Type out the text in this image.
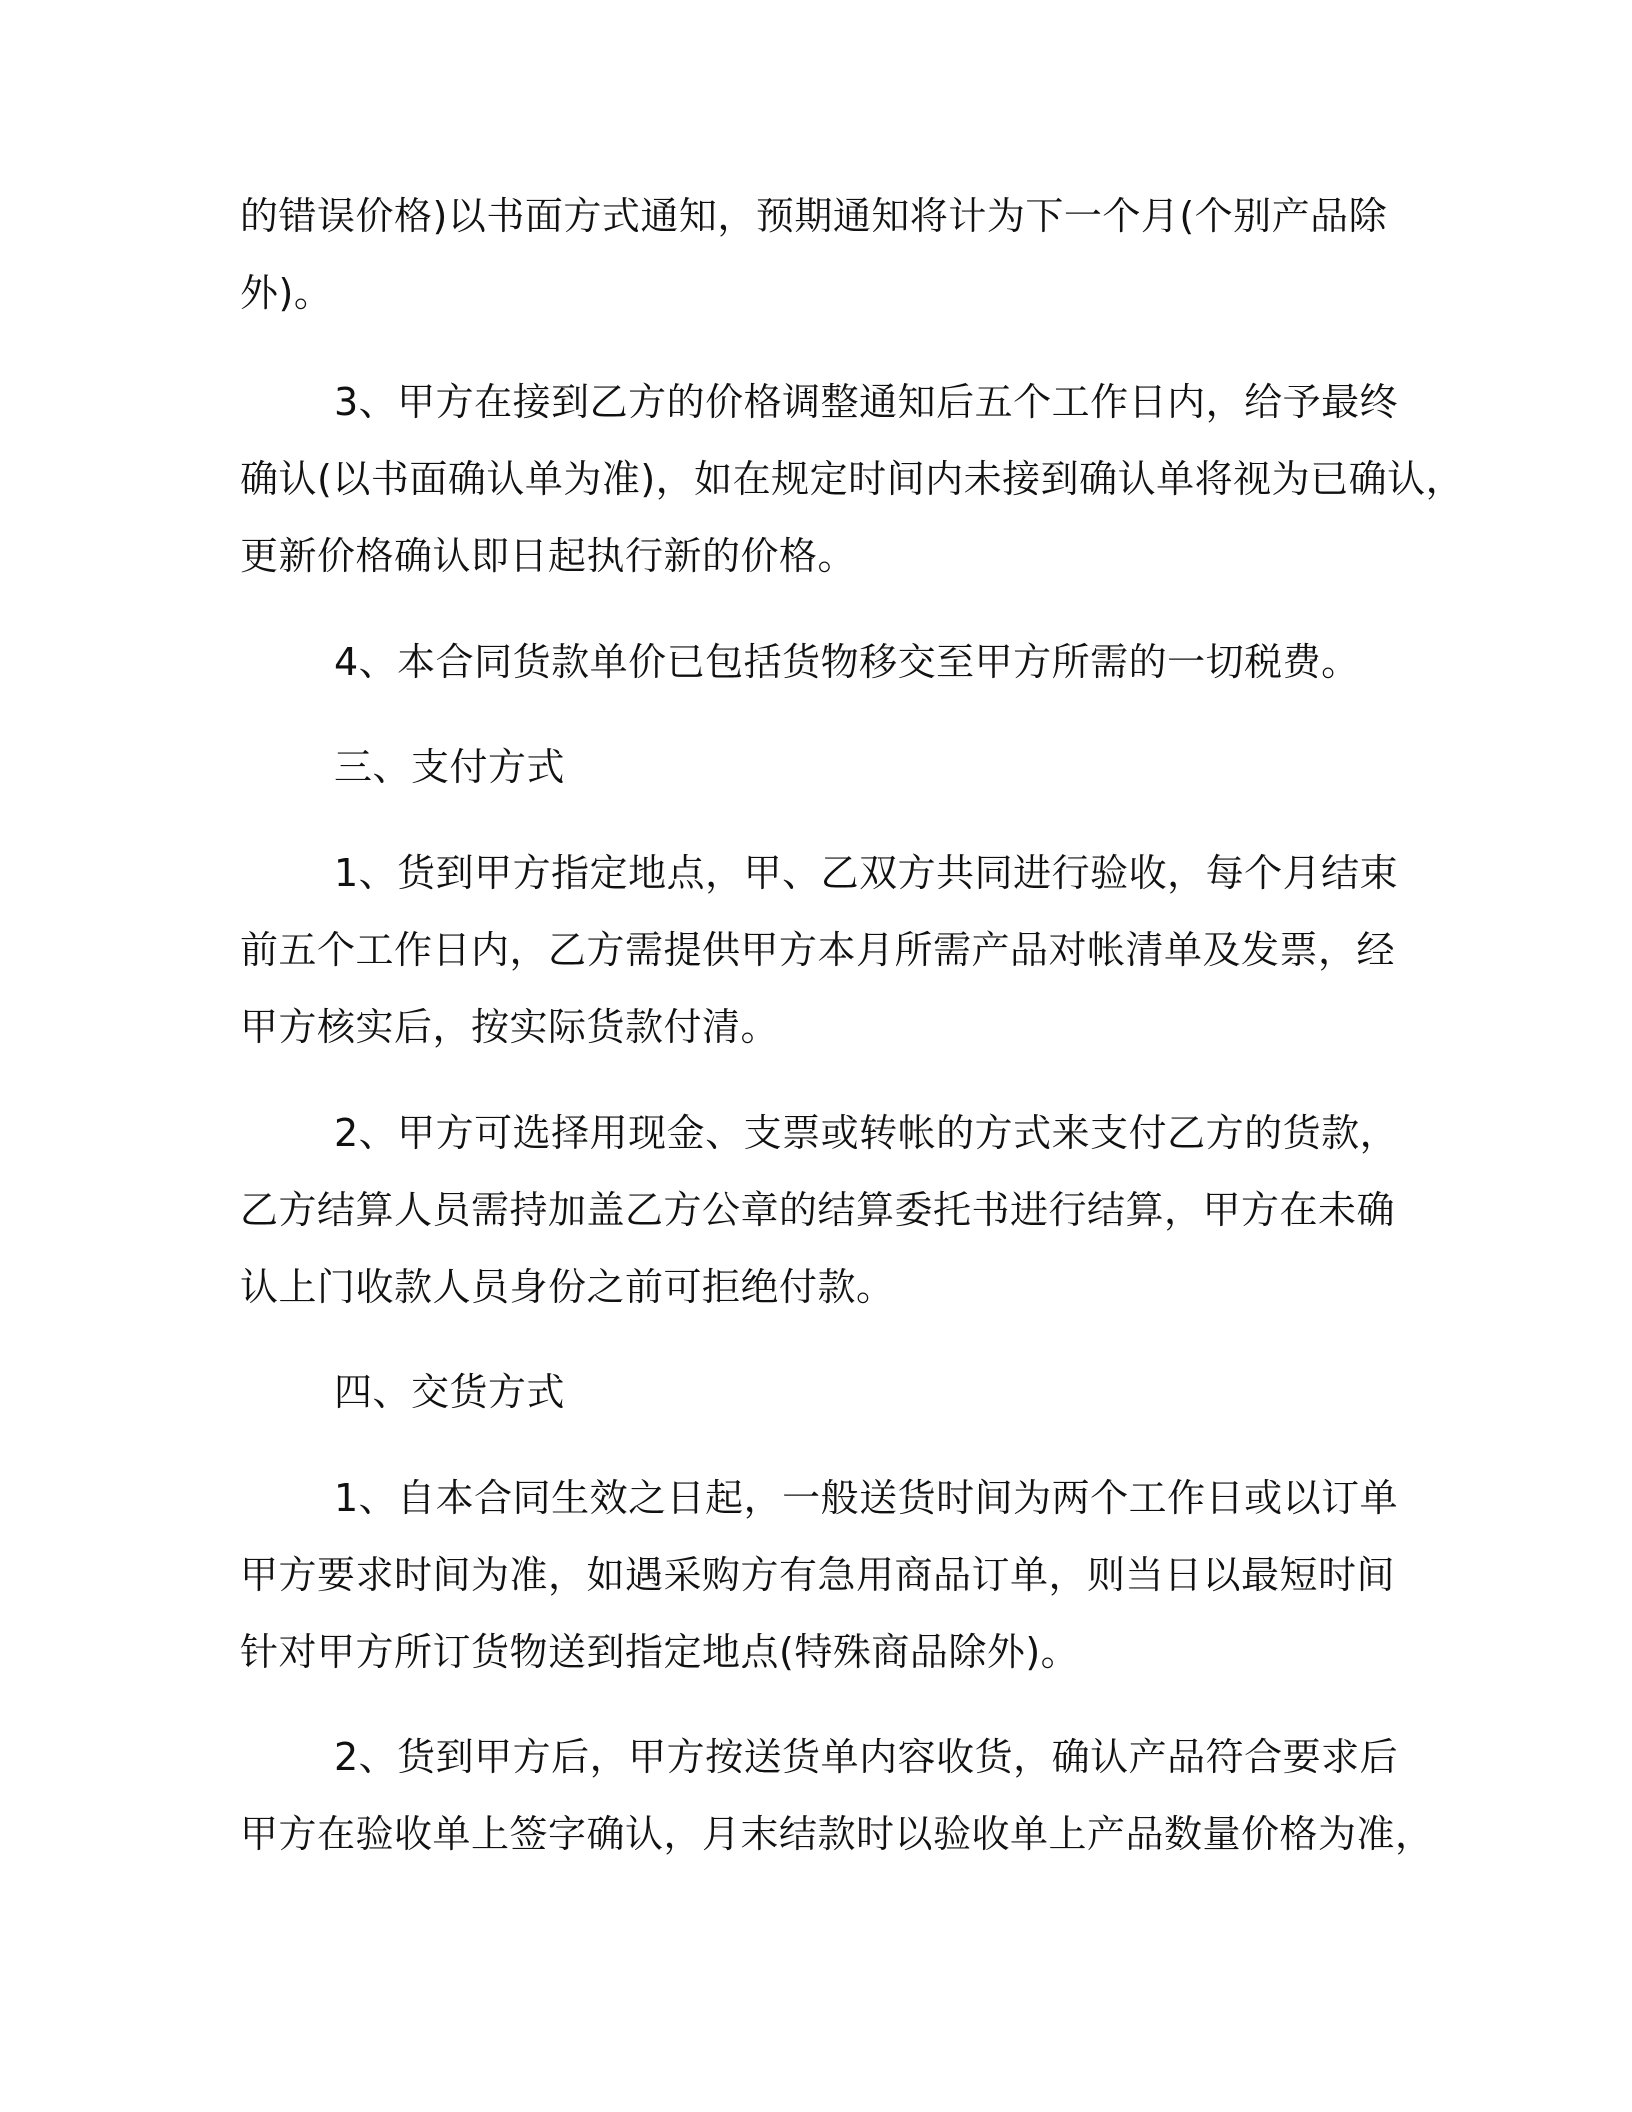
的错误价格)以书面方式通知，预期通知将计为下一个月(个别产品除
外)。
3、甲方在接到乙方的价格调整通知后五个工作日内，给予最终
确认(以书面确认单为准)，如在规定时间内未接到确认单将视为已确认，
更新价格确认即日起执行新的价格。
4、本合同货款单价已包括货物移交至甲方所需的一切税费。
三、支付方式
1、货到甲方指定地点，甲、乙双方共同进行验收，每个月结束
前五个工作日内，乙方需提供甲方本月所需产品对帐清单及发票，经
甲方核实后，按实际货款付清。
2、甲方可选择用现金、支票或转帐的方式来支付乙方的货款，
乙方结算人员需持加盖乙方公章的结算委托书进行结算，甲方在未确
认上门收款人员身份之前可拒绝付款。
四、交货方式
1、自本合同生效之日起，一般送货时间为两个工作日或以订单
甲方要求时间为准，如遇采购方有急用商品订单，则当日以最短时间
针对甲方所订货物送到指定地点(特殊商品除外)。
2、货到甲方后，甲方按送货单内容收货，确认产品符合要求后
甲方在验收单上签字确认，月末结款时以验收单上产品数量价格为准，
